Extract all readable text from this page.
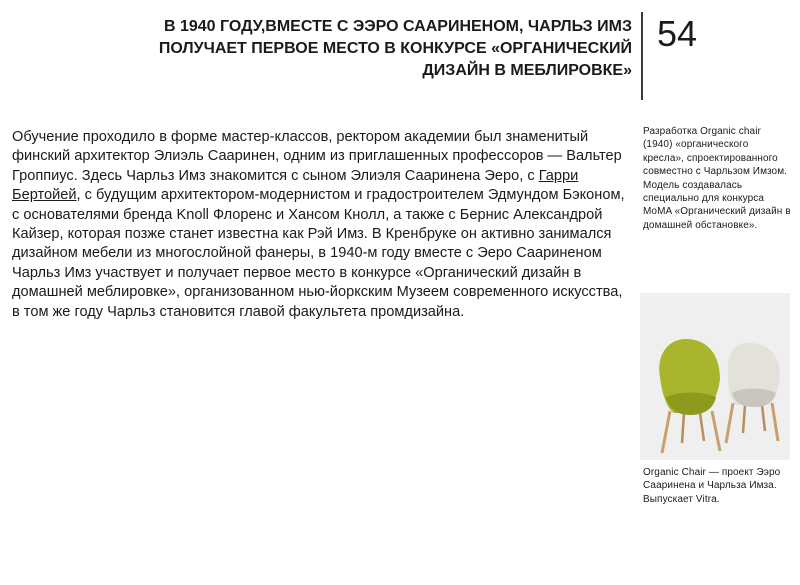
В 1940 ГОДУ,ВМЕСТЕ С ЭЭРО СААРИНЕНОМ, ЧАРЛЬЗ ИМЗ ПОЛУЧАЕТ ПЕРВОЕ МЕСТО В КОНКУРСЕ «ОРГАНИЧЕСКИЙ ДИЗАЙН В МЕБЛИРОВКЕ»
54

Обучение проходило в форме мастер-классов, ректором академии был знаменитый финский архитектор Элиэль Сааринен, одним из приглашенных профессоров — Вальтер Гроппиус. Здесь Чарльз Имз знакомится с сыном Элиэля Сааринена Эеро, с Гарри Бертойей, с будущим архитектором-модернистом и градостроителем Эдмундом Бэконом, с основателями бренда Knoll Флоренс и Хансом Кнолл, а также с Бернис Александрой Кайзер, которая позже станет известна как Рэй Имз. В Кренбруке он активно занимался дизайном мебели из многослойной фанеры, в 1940-м году вместе с Эеро Саариненом Чарльз Имз участвует и получает первое место в конкурсе «Органический дизайн в домашней меблировке», организованном нью-йоркским Музеем современного искусства, в том же году Чарльз становится главой факультета промдизайна.

Разработка Organic chair (1940) «органического кресла», спроектированного совместно с Чарльзом Имзом. Модель создавалась специально для конкурса MoMA «Органический дизайн в домашней обстановке».

Organic Chair — проект Ээро Сааринена и Чарльза Имза. Выпускает Vitra.
